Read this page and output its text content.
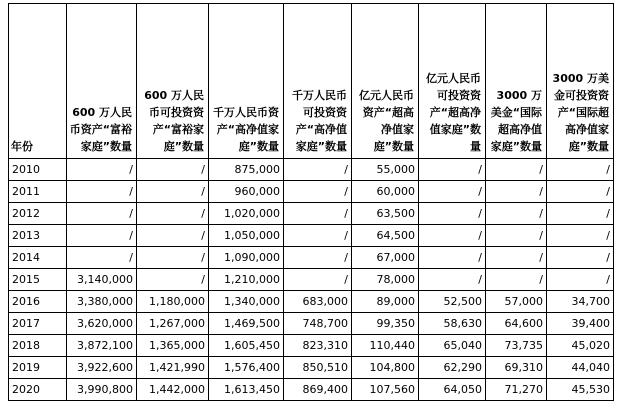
年份	600 万人民币资产“富裕家庭”数量	600 万人民币可投资资产“富裕家庭”数量	千万人民币资产“高净值家庭”数量	千万人民币可投资资产“高净值家庭”数量	亿元人民币资产“超高净值家庭”数量	亿元人民币可投资资产“超高净值家庭”数量	3000 万美金“国际超高净值家庭”数量	3000 万美金可投资资产“国际超高净值家庭”数量
2010	/	/	875,000	/	55,000	/	/	/
2011	/	/	960,000	/	60,000	/	/	/
2012	/	/	1,020,000	/	63,500	/	/	/
2013	/	/	1,050,000	/	64,500	/	/	/
2014	/	/	1,090,000	/	67,000	/	/	/
2015	3,140,000	/	1,210,000	/	78,000	/	/	/
2016	3,380,000	1,180,000	1,340,000	683,000	89,000	52,500	57,000	34,700
2017	3,620,000	1,267,000	1,469,500	748,700	99,350	58,630	64,600	39,400
2018	3,872,100	1,365,000	1,605,450	823,310	110,440	65,040	73,735	45,020
2019	3,922,600	1,421,990	1,576,400	850,510	104,800	62,290	69,310	44,040
2020	3,990,800	1,442,000	1,613,450	869,400	107,560	64,050	71,270	45,530
